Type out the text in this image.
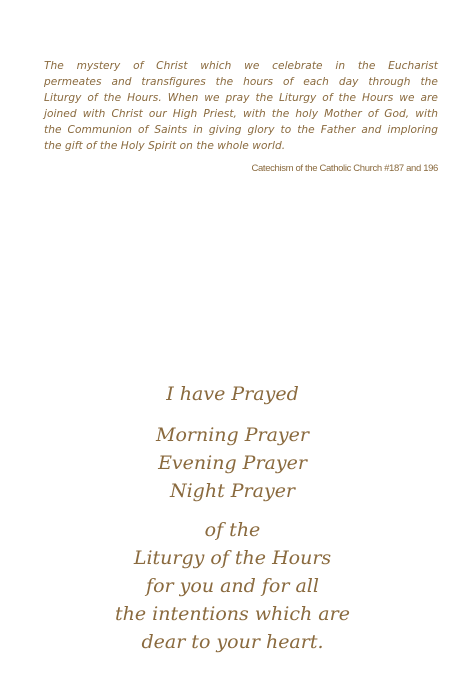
The mystery of Christ which we celebrate in the Eucharist
permeates and transfigures the hours of each day through the
Liturgy of the Hours. When we pray the Liturgy of the Hours we are
joined with Christ our High Priest, with the holy Mother of God, with
the Communion of Saints in giving glory to the Father and imploring
the gift of the Holy Spirit on the whole world.

Catechism of the Catholic Church #187 and 196

I have Prayed
Morning Prayer
Evening Prayer
Night Prayer
of the
Liturgy of the Hours
for you and for all
the intentions which are
dear to your heart.
